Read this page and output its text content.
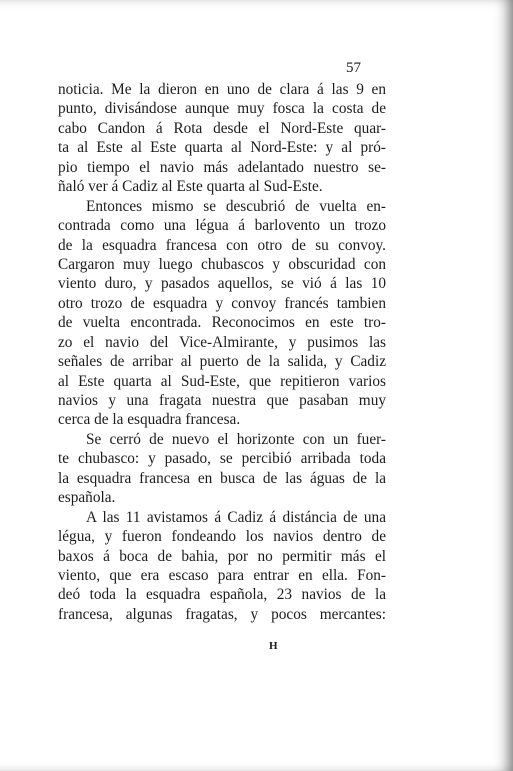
57
noticia. Me la dieron en uno de clara á las 9 en
punto, divisándose aunque muy fosca la costa de
cabo Candon á Rota desde el Nord-Este quar-
ta al Este al Este quarta al Nord-Este: y al pró-
pio tiempo el navio más adelantado nuestro se-
ñaló ver á Cadiz al Este quarta al Sud-Este.
Entonces mismo se descubrió de vuelta en-
contrada como una légua á barlovento un trozo
de la esquadra francesa con otro de su convoy.
Cargaron muy luego chubascos y obscuridad con
viento duro, y pasados aquellos, se vió á las 10
otro trozo de esquadra y convoy francés tambien
de vuelta encontrada. Reconocimos en este tro-
zo el navio del Vice-Almirante, y pusimos las
señales de arribar al puerto de la salida, y Cadiz
al Este quarta al Sud-Este, que repitieron varios
navios y una fragata nuestra que pasaban muy
cerca de la esquadra francesa.
Se cerró de nuevo el horizonte con un fuer-
te chubasco: y pasado, se percibió arribada toda
la esquadra francesa en busca de las águas de la
española.
A las 11 avistamos á Cadiz á distáncia de una
légua, y fueron fondeando los navios dentro de
baxos á boca de bahia, por no permitir más el
viento, que era escaso para entrar en ella. Fon-
deó toda la esquadra española, 23 navios de la
francesa, algunas fragatas, y pocos mercantes:
H
